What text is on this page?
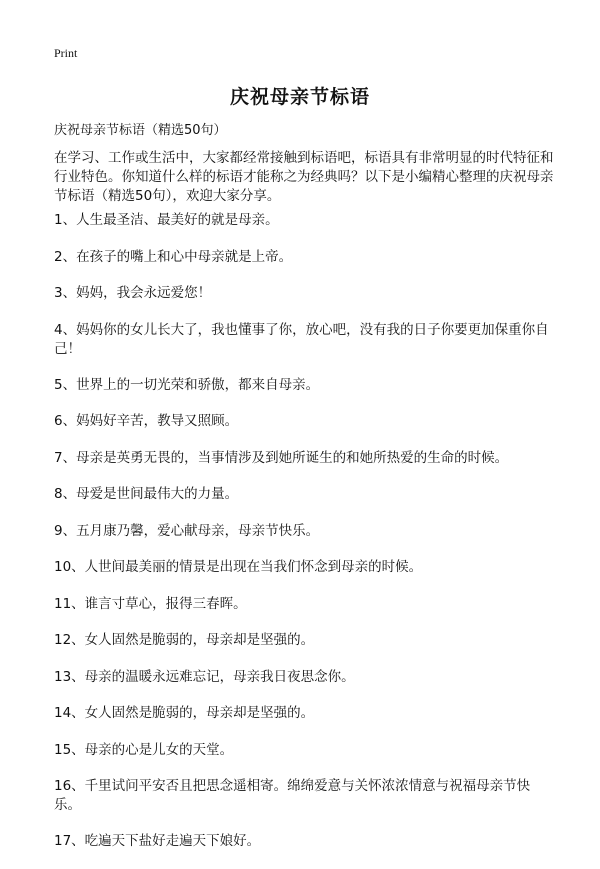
Print
庆祝母亲节标语
庆祝母亲节标语（精选50句）
在学习、工作或生活中，大家都经常接触到标语吧，标语具有非常明显的时代特征和行业特色。你知道什么样的标语才能称之为经典吗？以下是小编精心整理的庆祝母亲节标语（精选50句），欢迎大家分享。
1、人生最圣洁、最美好的就是母亲。
2、在孩子的嘴上和心中母亲就是上帝。
3、妈妈，我会永远爱您！
4、妈妈你的女儿长大了，我也懂事了你，放心吧，没有我的日子你要更加保重你自己！
5、世界上的一切光荣和骄傲，都来自母亲。
6、妈妈好辛苦，教导又照顾。
7、母亲是英勇无畏的，当事情涉及到她所诞生的和她所热爱的生命的时候。
8、母爱是世间最伟大的力量。
9、五月康乃馨，爱心献母亲，母亲节快乐。
10、人世间最美丽的情景是出现在当我们怀念到母亲的时候。
11、谁言寸草心，报得三春晖。
12、女人固然是脆弱的，母亲却是坚强的。
13、母亲的温暖永远难忘记，母亲我日夜思念你。
14、女人固然是脆弱的，母亲却是坚强的。
15、母亲的心是儿女的天堂。
16、千里试问平安否且把思念遥相寄。绵绵爱意与关怀浓浓情意与祝福母亲节快乐。
17、吃遍天下盐好走遍天下娘好。
